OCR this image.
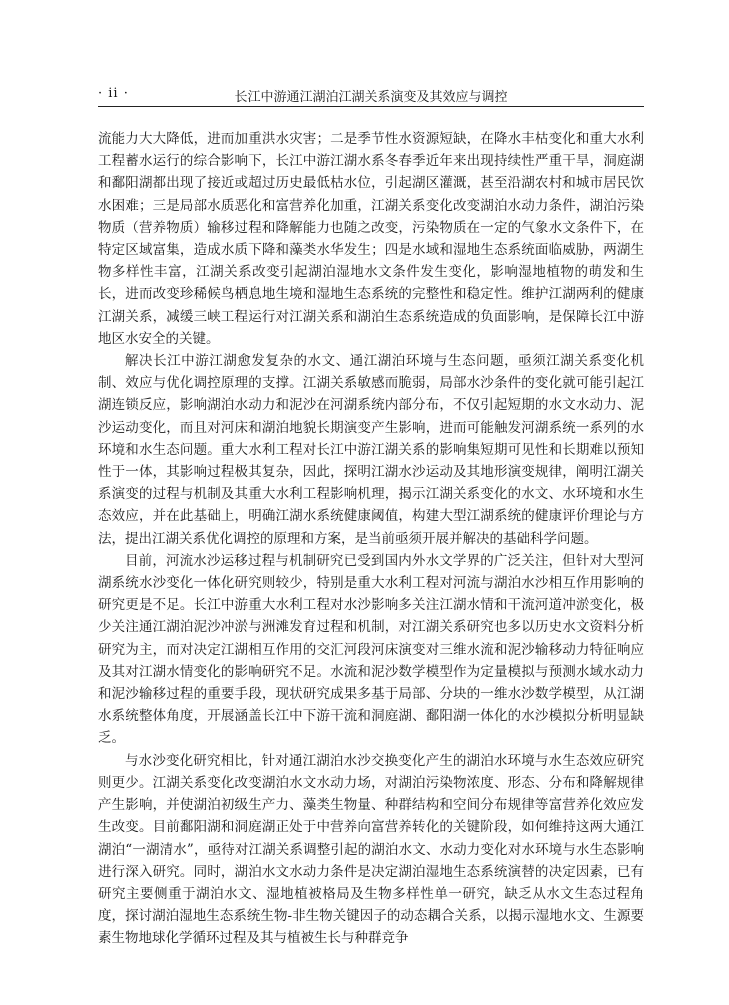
· ii ·	长江中游通江湖泊江湖关系演变及其效应与调控

流能力大大降低，进而加重洪水灾害；二是季节性水资源短缺，在降水丰枯变化和重大水利工程蓄水运行的综合影响下，长江中游江湖水系冬春季近年来出现持续性严重干旱，洞庭湖和鄱阳湖都出现了接近或超过历史最低枯水位，引起湖区灌溉，甚至沿湖农村和城市居民饮水困难；三是局部水质恶化和富营养化加重，江湖关系变化改变湖泊水动力条件，湖泊污染物质（营养物质）输移过程和降解能力也随之改变，污染物质在一定的气象水文条件下，在特定区域富集，造成水质下降和藻类水华发生；四是水域和湿地生态系统面临威胁，两湖生物多样性丰富，江湖关系改变引起湖泊湿地水文条件发生变化，影响湿地植物的萌发和生长，进而改变珍稀候鸟栖息地生境和湿地生态系统的完整性和稳定性。维护江湖两利的健康江湖关系，减缓三峡工程运行对江湖关系和湖泊生态系统造成的负面影响，是保障长江中游地区水安全的关键。

解决长江中游江湖愈发复杂的水文、通江湖泊环境与生态问题，亟须江湖关系变化机制、效应与优化调控原理的支撑。江湖关系敏感而脆弱，局部水沙条件的变化就可能引起江湖连锁反应，影响湖泊水动力和泥沙在河湖系统内部分布，不仅引起短期的水文水动力、泥沙运动变化，而且对河床和湖泊地貌长期演变产生影响，进而可能触发河湖系统一系列的水环境和水生态问题。重大水利工程对长江中游江湖关系的影响集短期可见性和长期难以预知性于一体，其影响过程极其复杂，因此，探明江湖水沙运动及其地形演变规律，阐明江湖关系演变的过程与机制及其重大水利工程影响机理，揭示江湖关系变化的水文、水环境和水生态效应，并在此基础上，明确江湖水系统健康阈值，构建大型江湖系统的健康评价理论与方法，提出江湖关系优化调控的原理和方案，是当前亟须开展并解决的基础科学问题。

目前，河流水沙运移过程与机制研究已受到国内外水文学界的广泛关注，但针对大型河湖系统水沙变化一体化研究则较少，特别是重大水利工程对河流与湖泊水沙相互作用影响的研究更是不足。长江中游重大水利工程对水沙影响多关注江湖水情和干流河道冲淤变化，极少关注通江湖泊泥沙冲淤与洲滩发育过程和机制，对江湖关系研究也多以历史水文资料分析研究为主，而对决定江湖相互作用的交汇河段河床演变对三维水流和泥沙输移动力特征响应及其对江湖水情变化的影响研究不足。水流和泥沙数学模型作为定量模拟与预测水域水动力和泥沙输移过程的重要手段，现状研究成果多基于局部、分块的一维水沙数学模型，从江湖水系统整体角度，开展涵盖长江中下游干流和洞庭湖、鄱阳湖一体化的水沙模拟分析明显缺乏。

与水沙变化研究相比，针对通江湖泊水沙交换变化产生的湖泊水环境与水生态效应研究则更少。江湖关系变化改变湖泊水文水动力场，对湖泊污染物浓度、形态、分布和降解规律产生影响，并使湖泊初级生产力、藻类生物量、种群结构和空间分布规律等富营养化效应发生改变。目前鄱阳湖和洞庭湖正处于中营养向富营养转化的关键阶段，如何维持这两大通江湖泊“一湖清水”，亟待对江湖关系调整引起的湖泊水文、水动力变化对水环境与水生态影响进行深入研究。同时，湖泊水文水动力条件是决定湖泊湿地生态系统演替的决定因素，已有研究主要侧重于湖泊水文、湿地植被格局及生物多样性单一研究，缺乏从水文生态过程角度，探讨湖泊湿地生态系统生物-非生物关键因子的动态耦合关系，以揭示湿地水文、生源要素生物地球化学循环过程及其与植被生长与种群竞争
